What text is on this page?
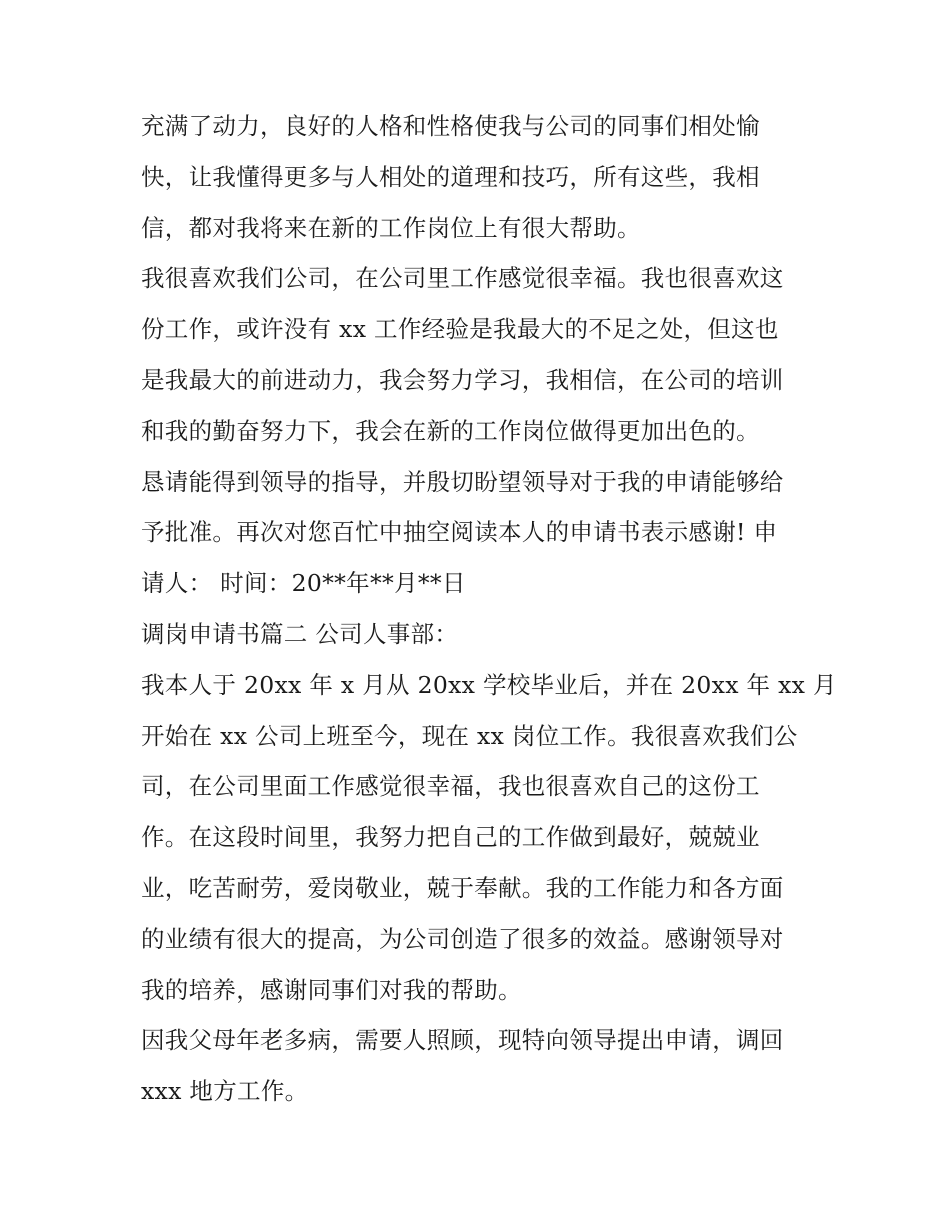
充满了动力，良好的人格和性格使我与公司的同事们相处愉
快，让我懂得更多与人相处的道理和技巧，所有这些，我相
信，都对我将来在新的工作岗位上有很大帮助。
我很喜欢我们公司，在公司里工作感觉很幸福。我也很喜欢这
份工作，或许没有 xx 工作经验是我最大的不足之处，但这也
是我最大的前进动力，我会努力学习，我相信，在公司的培训
和我的勤奋努力下，我会在新的工作岗位做得更加出色的。
恳请能得到领导的指导，并殷切盼望领导对于我的申请能够给
予批准。再次对您百忙中抽空阅读本人的申请书表示感谢! 申
请人： 时间：20**年**月**日
调岗申请书篇二 公司人事部：
我本人于 20xx 年 x 月从 20xx 学校毕业后，并在 20xx 年 xx 月
开始在 xx 公司上班至今，现在 xx 岗位工作。我很喜欢我们公
司，在公司里面工作感觉很幸福，我也很喜欢自己的这份工
作。在这段时间里，我努力把自己的工作做到最好，兢兢业
业，吃苦耐劳，爱岗敬业，兢于奉献。我的工作能力和各方面
的业绩有很大的提高，为公司创造了很多的效益。感谢领导对
我的培养，感谢同事们对我的帮助。
因我父母年老多病，需要人照顾，现特向领导提出申请，调回
xxx 地方工作。
